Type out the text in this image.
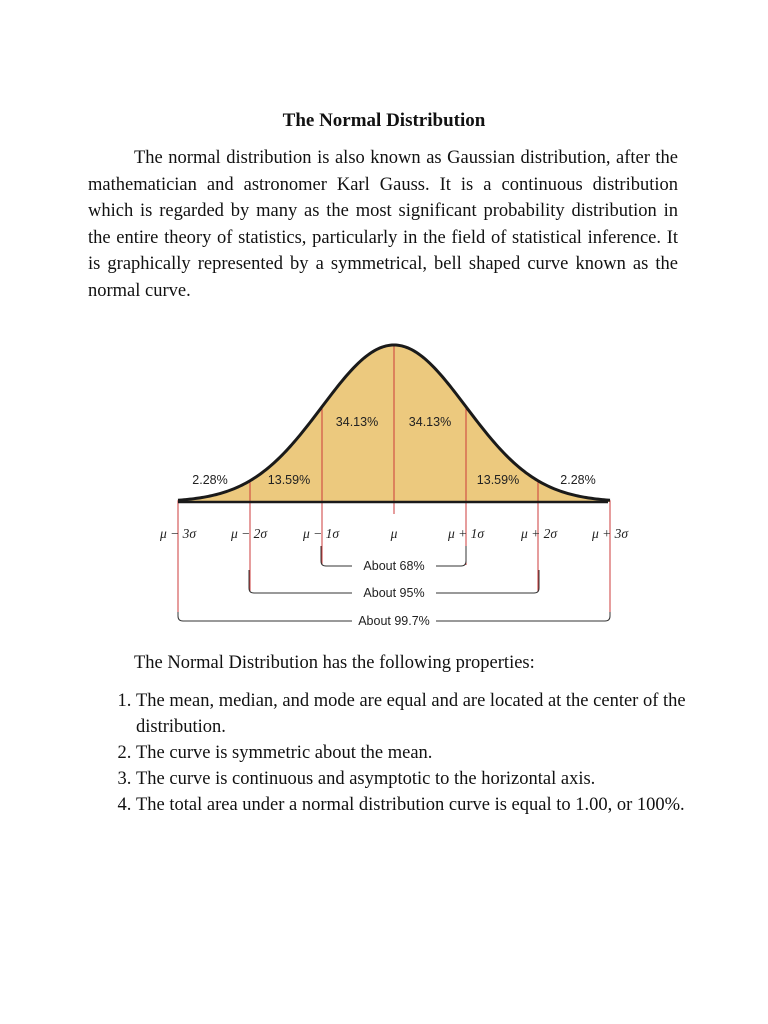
The Normal Distribution

The normal distribution is also known as Gaussian distribution, after the mathematician and astronomer Karl Gauss. It is a continuous distribution which is regarded by many as the most significant probability distribution in the entire theory of statistics, particularly in the field of statistical inference. It is graphically represented by a symmetrical, bell shaped curve known as the normal curve.

2.28%	13.59%
34.13% 34.13%
13.59%	2.28%
μ − 3σ	μ − 2σ	μ − 1σ	μ	μ + 1σ	μ + 2σ	μ + 3σ
About 68%
About 95%
About 99.7%

The Normal Distribution has the following properties:

1. The mean, median, and mode are equal and are located at the center of the distribution.
2. The curve is symmetric about the mean.
3. The curve is continuous and asymptotic to the horizontal axis.
4. The total area under a normal distribution curve is equal to 1.00, or 100%.
